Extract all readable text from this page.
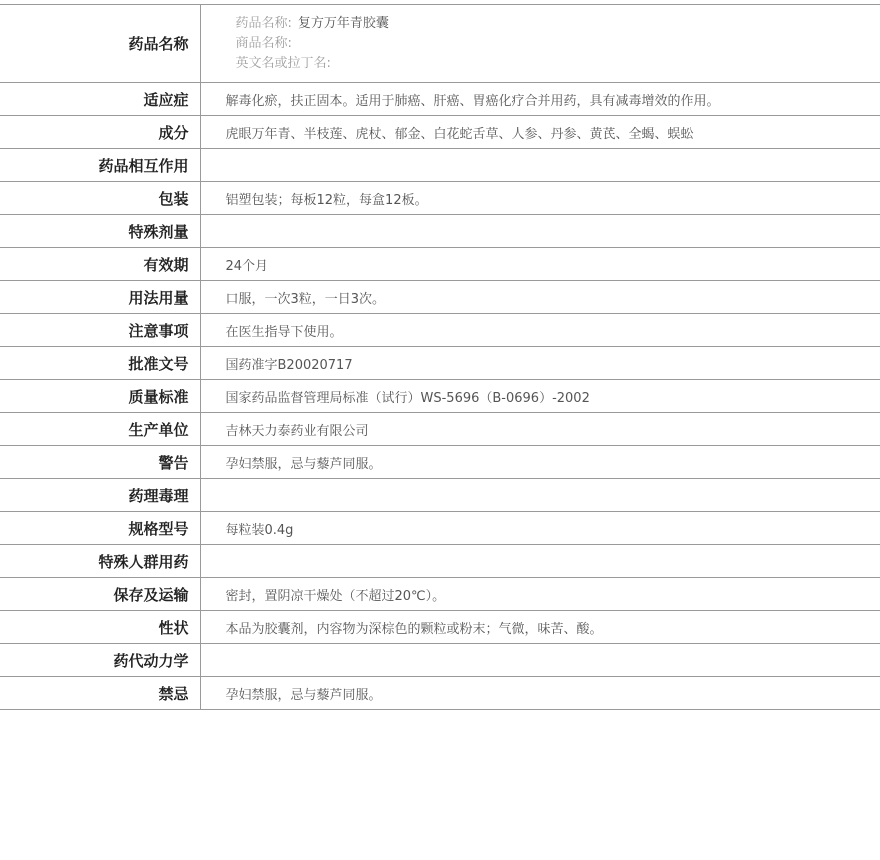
药品名称	药品名称: 复方万年青胶囊
商品名称:
英文名或拉丁名:

适应症	解毒化瘀，扶正固本。适用于肺癌、肝癌、胃癌化疗合并用药，具有减毒增效的作用。
成分	虎眼万年青、半枝莲、虎杖、郁金、白花蛇舌草、人参、丹参、黄芪、全蝎、蜈蚣
药品相互作用	
包装	铝塑包装；每板12粒，每盒12板。
特殊剂量	
有效期	24个月
用法用量	口服，一次3粒，一日3次。
注意事项	在医生指导下使用。
批准文号	国药准字B20020717
质量标准	国家药品监督管理局标准（试行）WS-5696（B-0696）-2002
生产单位	吉林天力泰药业有限公司
警告	孕妇禁服，忌与藜芦同服。
药理毒理	
规格型号	每粒装0.4g
特殊人群用药	
保存及运输	密封，置阴凉干燥处（不超过20℃）。
性状	本品为胶囊剂，内容物为深棕色的颗粒或粉末；气微，味苦、酸。
药代动力学	
禁忌	孕妇禁服，忌与藜芦同服。
